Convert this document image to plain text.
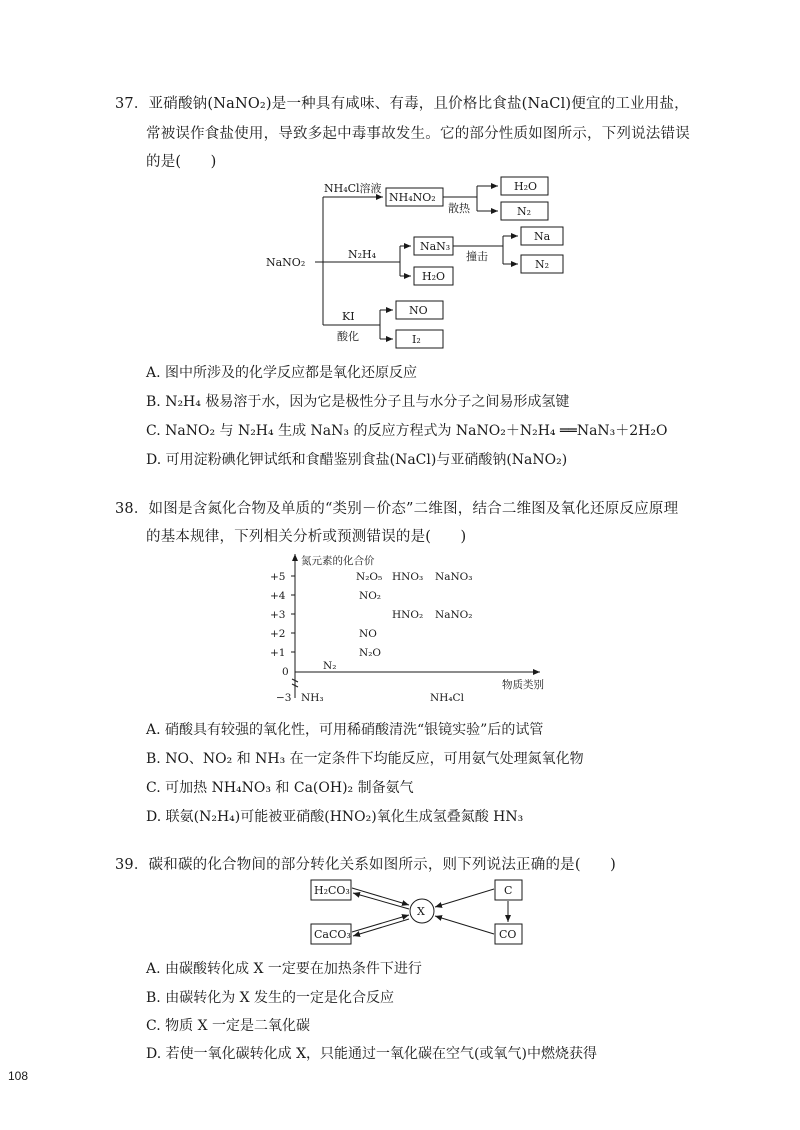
37．亚硝酸钠(NaNO₂)是一种具有咸味、有毒，且价格比食盐(NaCl)便宜的工业用盐，
常被误作食盐使用，导致多起中毒事故发生。它的部分性质如图所示，下列说法错误
的是(　　)
NaNO₂
NH₄Cl溶液
NH₄NO₂
散热
H₂O
N₂
N₂H₄
NaN₃
H₂O
撞击
Na
N₂
KI
酸化
NO
I₂
A. 图中所涉及的化学反应都是氧化还原反应
B. N₂H₄ 极易溶于水，因为它是极性分子且与水分子之间易形成氢键
C. NaNO₂ 与 N₂H₄ 生成 NaN₃ 的反应方程式为 NaNO₂＋N₂H₄ ══NaN₃＋2H₂O
D. 可用淀粉碘化钾试纸和食醋鉴别食盐(NaCl)与亚硝酸钠(NaNO₂)
38．如图是含氮化合物及单质的“类别－价态”二维图，结合二维图及氧化还原反应原理
的基本规律，下列相关分析或预测错误的是(　　)
氮元素的化合价
物质类别
+5
+4
+3
+2
+1
0
−3
N₂O₅ HNO₃ NaNO₃
NO₂
HNO₂ NaNO₂
NO
N₂O
N₂
NH₃	NH₄Cl
A. 硝酸具有较强的氧化性，可用稀硝酸清洗“银镜实验”后的试管
B. NO、NO₂ 和 NH₃ 在一定条件下均能反应，可用氨气处理氮氧化物
C. 可加热 NH₄NO₃ 和 Ca(OH)₂ 制备氨气
D. 联氨(N₂H₄)可能被亚硝酸(HNO₂)氧化生成氢叠氮酸 HN₃
39．碳和碳的化合物间的部分转化关系如图所示，则下列说法正确的是(　　)
H₂CO₃
CaCO₃
X
C
CO
A. 由碳酸转化成 X 一定要在加热条件下进行
B. 由碳转化为 X 发生的一定是化合反应
C. 物质 X 一定是二氧化碳
D. 若使一氧化碳转化成 X，只能通过一氧化碳在空气(或氧气)中燃烧获得
108
